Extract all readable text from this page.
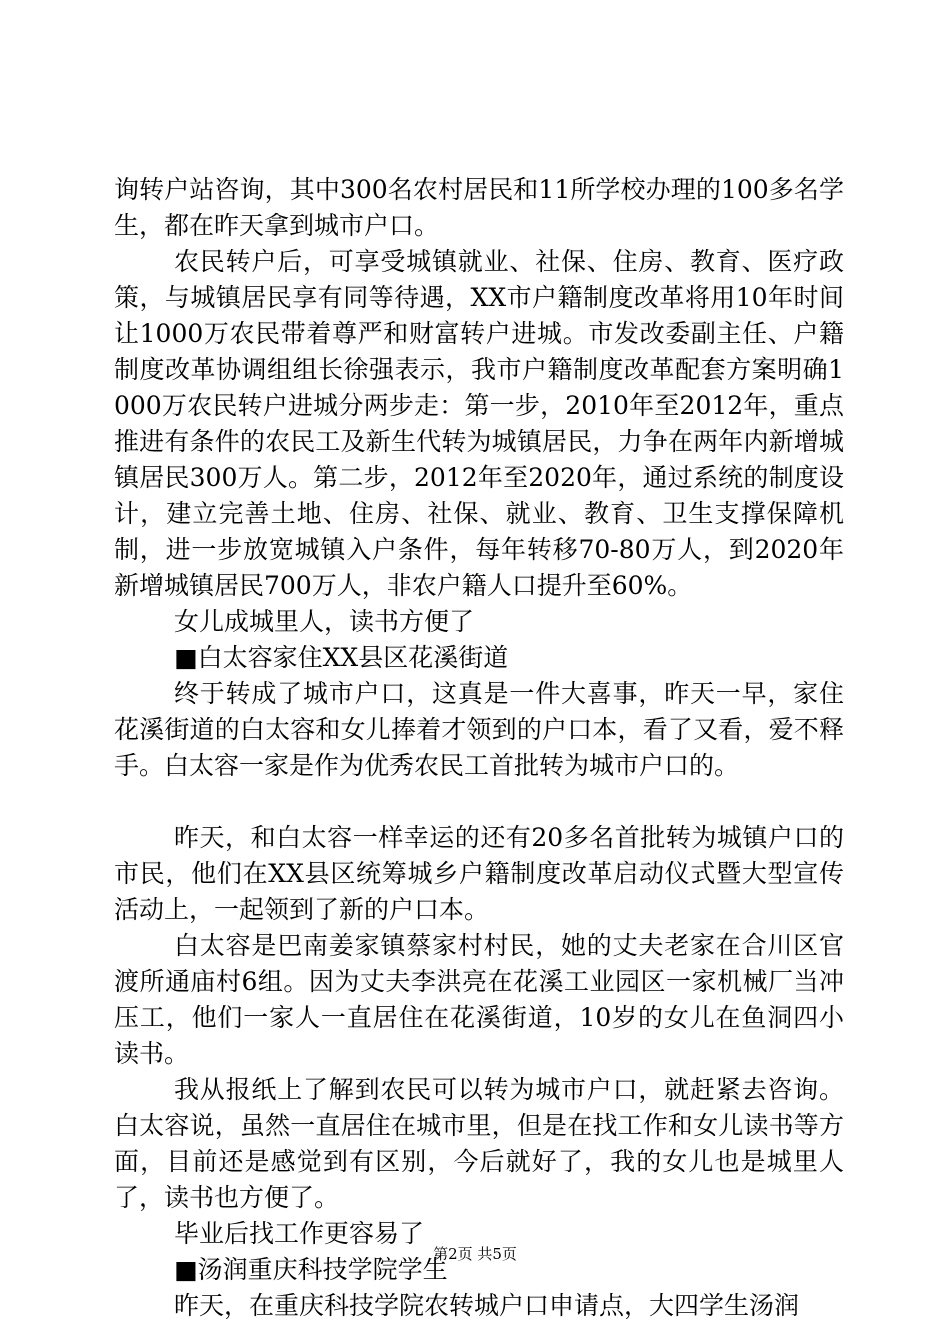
询转户站咨询，其中300名农村居民和11所学校办理的100多名学生，都在昨天拿到城市户口。

农民转户后，可享受城镇就业、社保、住房、教育、医疗政策，与城镇居民享有同等待遇，XX市户籍制度改革将用10年时间让1000万农民带着尊严和财富转户进城。市发改委副主任、户籍制度改革协调组组长徐强表示，我市户籍制度改革配套方案明确1000万农民转户进城分两步走：第一步，2010年至2012年，重点推进有条件的农民工及新生代转为城镇居民，力争在两年内新增城镇居民300万人。第二步，2012年至2020年，通过系统的制度设计，建立完善土地、住房、社保、就业、教育、卫生支撑保障机制，进一步放宽城镇入户条件，每年转移70-80万人，到2020年新增城镇居民700万人，非农户籍人口提升至60%。

女儿成城里人，读书方便了

■白太容家住XX县区花溪街道

终于转成了城市户口，这真是一件大喜事，昨天一早，家住花溪街道的白太容和女儿捧着才领到的户口本，看了又看，爱不释手。白太容一家是作为优秀农民工首批转为城市户口的。

昨天，和白太容一样幸运的还有20多名首批转为城镇户口的市民，他们在XX县区统筹城乡户籍制度改革启动仪式暨大型宣传活动上，一起领到了新的户口本。

白太容是巴南姜家镇蔡家村村民，她的丈夫老家在合川区官渡所通庙村6组。因为丈夫李洪亮在花溪工业园区一家机械厂当冲压工，他们一家人一直居住在花溪街道，10岁的女儿在鱼洞四小读书。

我从报纸上了解到农民可以转为城市户口，就赶紧去咨询。白太容说，虽然一直居住在城市里，但是在找工作和女儿读书等方面，目前还是感觉到有区别，今后就好了，我的女儿也是城里人了，读书也方便了。

毕业后找工作更容易了

■汤润重庆科技学院学生

昨天，在重庆科技学院农转城户口申请点，大四学生汤润

第2页 共5页
